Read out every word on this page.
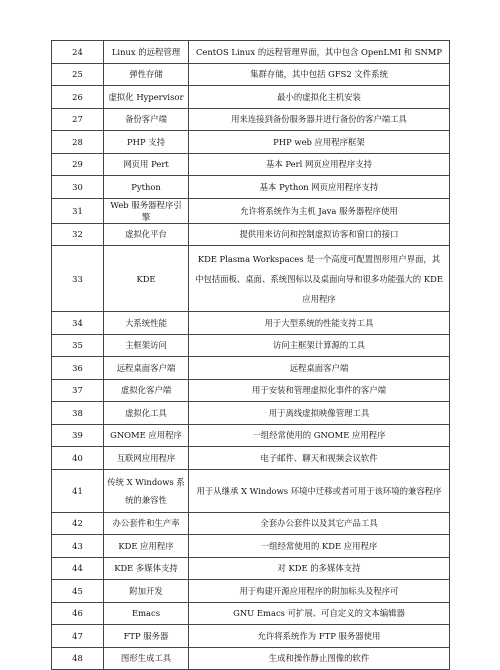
24	Linux 的远程管理	CentOS Linux 的远程管理界面，其中包含 OpenLMI 和 SNMP
25	弹性存储	集群存储，其中包括 GFS2 文件系统
26	虚拟化 Hypervisor	最小的虚拟化主机安装
27	备份客户端	用来连接到备份服务器并进行备份的客户端工具
28	PHP 支持	PHP web 应用程序框架
29	网页用 Pert	基本 Perl 网页应用程序支持
30	Python	基本 Python 网页应用程序支持
31	Web 服务器程序引擎	允许将系统作为主机 Java 服务器程序使用
32	虚拟化平台	提供用来访问和控制虚拟访客和窗口的接口
33	KDE	KDE Plasma Workspaces 是一个高度可配置图形用户界面，其中包括面板、桌面、系统图标以及桌面向导和很多功能强大的 KDE 应用程序
34	大系统性能	用于大型系统的性能支持工具
35	主框架访问	访问主框架计算源的工具
36	远程桌面客户端	远程桌面客户端
37	虚拟化客户端	用于安装和管理虚拟化事件的客户端
38	虚拟化工具	用于离线虚拟映像管理工具
39	GNOME 应用程序	一组经常使用的 GNOME 应用程序
40	互联网应用程序	电子邮件、聊天和视频会议软件
41	传统 X Windows 系统的兼容性	用于从继承 X Windows 环境中迁移或者可用于该环境的兼容程序
42	办公套件和生产率	全套办公套件以及其它产品工具
43	KDE 应用程序	一组经常使用的 KDE 应用程序
44	KDE 多媒体支持	对 KDE 的多媒体支持
45	附加开发	用于构建开源应用程序的附加标头及程序可
46	Emacs	GNU Emacs 可扩展、可自定义的文本编辑器
47	FTP 服务器	允许将系统作为 FTP 服务器使用
48	图形生成工具	生成和操作静止图像的软件
